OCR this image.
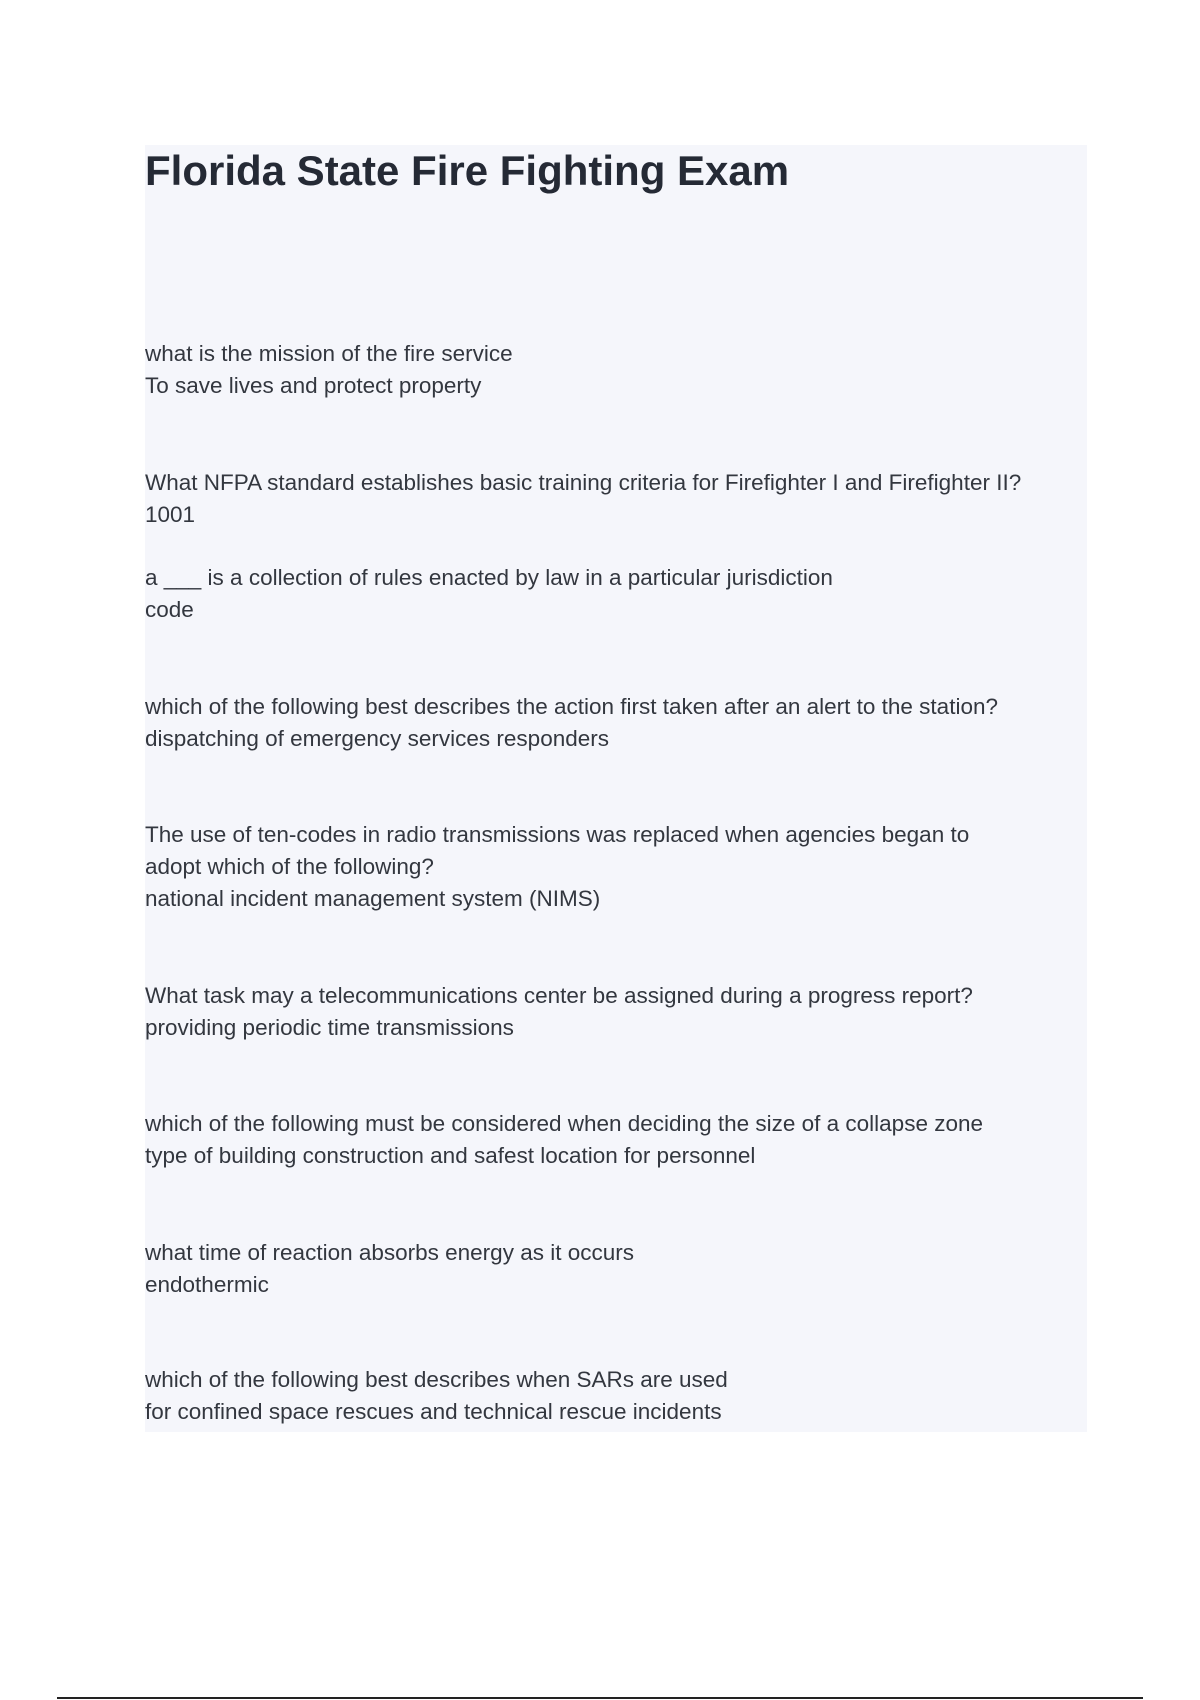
Florida State Fire Fighting Exam
what is the mission of the fire service
To save lives and protect property
What NFPA standard establishes basic training criteria for Firefighter I and Firefighter II?
1001
a ___ is a collection of rules enacted by law in a particular jurisdiction
code
which of the following best describes the action first taken after an alert to the station?
dispatching of emergency services responders
The use of ten-codes in radio transmissions was replaced when agencies began to
adopt which of the following?
national incident management system (NIMS)
What task may a telecommunications center be assigned during a progress report?
providing periodic time transmissions
which of the following must be considered when deciding the size of a collapse zone
type of building construction and safest location for personnel
what time of reaction absorbs energy as it occurs
endothermic
which of the following best describes when SARs are used
for confined space rescues and technical rescue incidents
